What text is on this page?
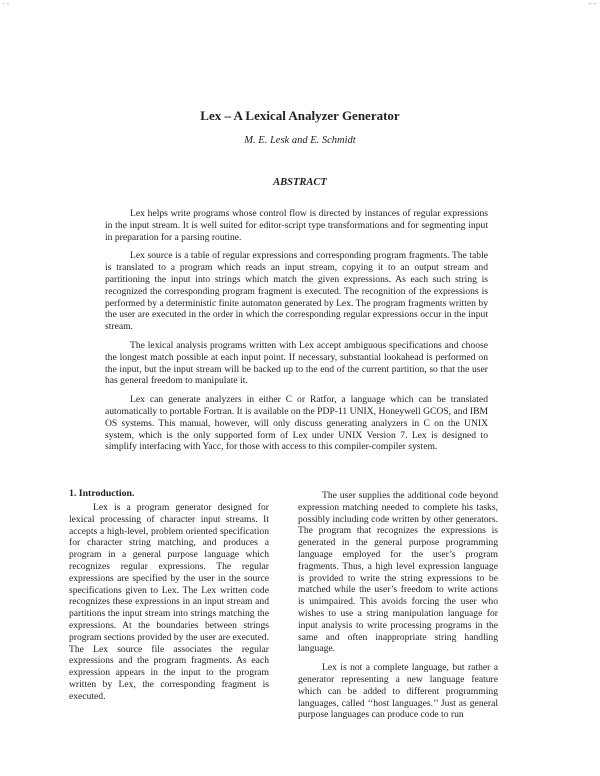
- -	- -
Lex – A Lexical Analyzer Generator
M. E. Lesk and E. Schmidt
ABSTRACT

Lex helps write programs whose control flow is directed by instances of regular expressions in the input stream. It is well suited for editor-script type transformations and for segmenting input in preparation for a parsing routine.

Lex source is a table of regular expressions and corresponding program fragments. The table is translated to a program which reads an input stream, copying it to an output stream and partitioning the input into strings which match the given expressions. As each such string is recognized the corresponding program fragment is executed. The recognition of the expressions is performed by a deterministic finite automaton generated by Lex. The program fragments written by the user are executed in the order in which the corresponding regular expressions occur in the input stream.

The lexical analysis programs written with Lex accept ambiguous specifications and choose the longest match possible at each input point. If necessary, substantial lookahead is performed on the input, but the input stream will be backed up to the end of the current partition, so that the user has general freedom to manipulate it.

Lex can generate analyzers in either C or Ratfor, a language which can be translated automatically to portable Fortran. It is available on the PDP-11 UNIX, Honeywell GCOS, and IBM OS systems. This manual, however, will only discuss generating analyzers in C on the UNIX system, which is the only supported form of Lex under UNIX Version 7. Lex is designed to simplify interfacing with Yacc, for those with access to this compiler-compiler system.

1. Introduction.

Lex is a program generator designed for lexical processing of character input streams. It accepts a high-level, problem oriented specification for character string matching, and produces a program in a general purpose language which recognizes regular expressions. The regular expressions are specified by the user in the source specifications given to Lex. The Lex written code recognizes these expressions in an input stream and partitions the input stream into strings matching the expressions. At the boundaries between strings program sections provided by the user are executed. The Lex source file associates the regular expressions and the program fragments. As each expression appears in the input to the program written by Lex, the corresponding fragment is executed.

The user supplies the additional code beyond expression matching needed to complete his tasks, possibly including code written by other generators. The program that recognizes the expressions is generated in the general purpose programming language employed for the user’s program fragments. Thus, a high level expression language is provided to write the string expressions to be matched while the user’s freedom to write actions is unimpaired. This avoids forcing the user who wishes to use a string manipulation language for input analysis to write processing programs in the same and often inappropriate string handling language.

Lex is not a complete language, but rather a generator representing a new language feature which can be added to different programming languages, called ‘‘host languages.’’ Just as general purpose languages can produce code to run
